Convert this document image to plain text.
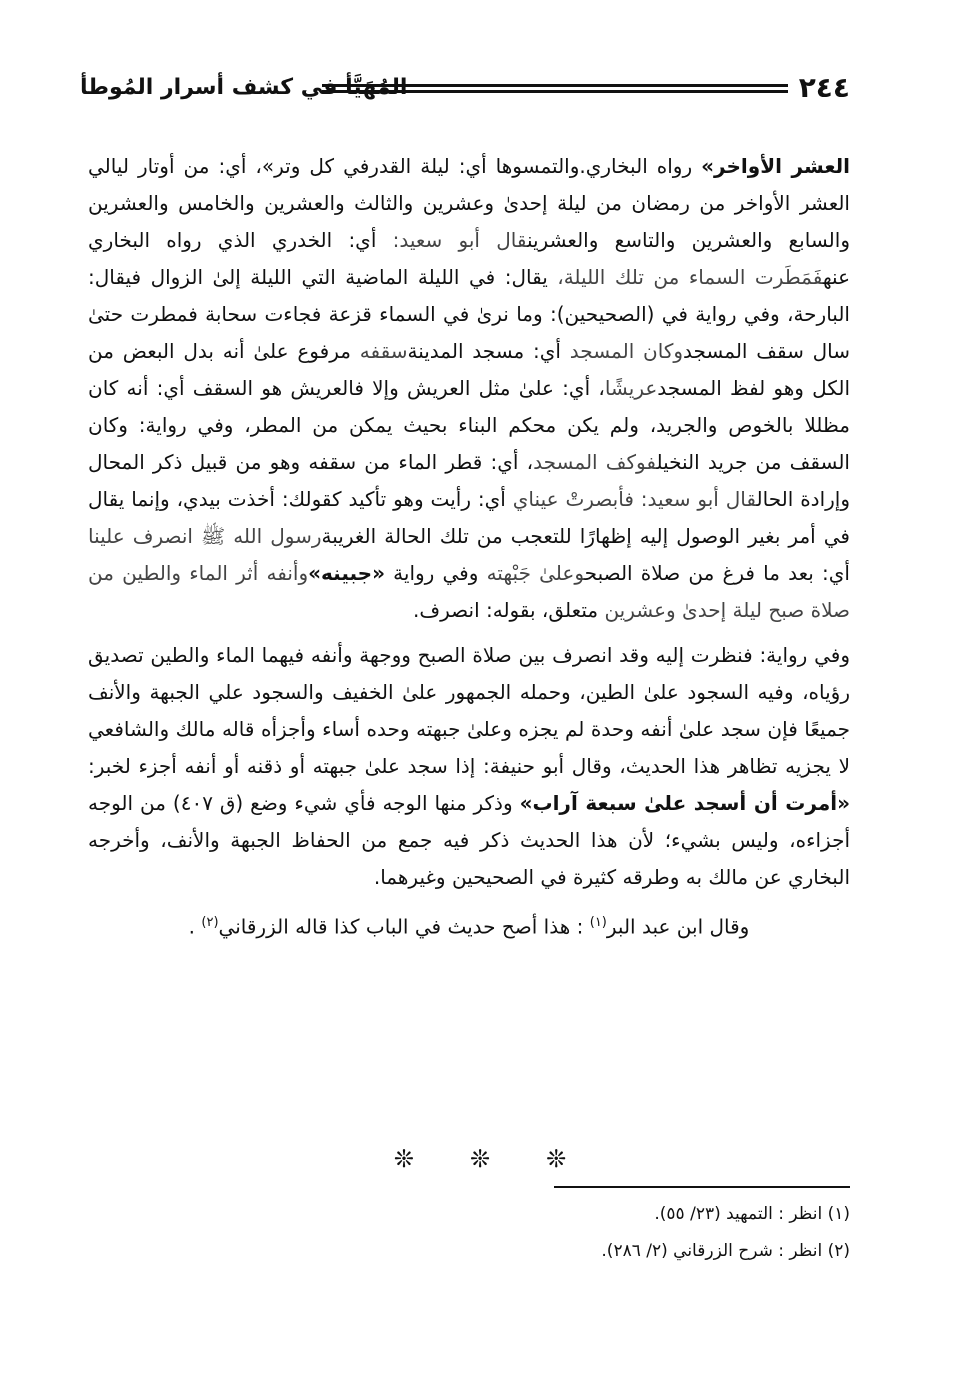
٢٤٤
المُهَيَّأ في كشف أسرار المُوطأ

العشر الأواخر» رواه البخاري.والتمسوها أي: ليلة القدرفي كل وتر»، أي: من أوتار ليالي العشر الأواخر من رمضان من ليلة إحدىٰ وعشرين والثالث والعشرين والخامس والعشرين والسابع والعشرين والتاسع والعشرينقال أبو سعيد: أي: الخدري الذي رواه البخاري عنهفَمَطَرت السماء من تلك الليلة، يقال: في الليلة الماضية التي الليلة إلىٰ الزوال فيقال: البارحة، وفي رواية في (الصحيحين): وما نرىٰ في السماء قزعة فجاءت سحابة فمطرت حتىٰ سال سقف المسجدوكان المسجد أي: مسجد المدينةسقفه مرفوع علىٰ أنه بدل البعض من الكل وهو لفظ المسجدعريشًا، أي: علىٰ مثل العريش وإلا فالعريش هو السقف أي: أنه كان مظللا بالخوص والجريد، ولم يكن محكم البناء بحيث يمكن من المطر، وفي رواية: وكان السقف من جريد النخيلفوكف المسجد، أي: قطر الماء من سقفه وهو من قبيل ذكر المحال وإرادة الحالقال أبو سعيد: فأبصرتْ عيناي أي: رأيت وهو تأكيد كقولك: أخذت بيدي، وإنما يقال في أمر بغير الوصول إليه إظهارًا للتعجب من تلك الحالة الغريبةرسول الله ﷺ انصرف علينا أي: بعد ما فرغ من صلاة الصبحوعلىٰ جَبْهته وفي رواية «جبينه»وأنفه أثر الماء والطين من صلاة صبح ليلة إحدىٰ وعشرين متعلق، بقوله: انصرف.

وفي رواية: فنظرت إليه وقد انصرف بين صلاة الصبح ووجهة وأنفه فيهما الماء والطين تصديق رؤياه، وفيه السجود علىٰ الطين، وحمله الجمهور علىٰ الخفيف والسجود علي الجبهة والأنف جميعًا فإن سجد علىٰ أنفه وحدة لم يجزه وعلىٰ جبهته وحده أساء وأجزأه قاله مالك والشافعي لا يجزيه تظاهر هذا الحديث، وقال أبو حنيفة: إذا سجد علىٰ جبهته أو ذقنه أو أنفه أجزء لخبر: «أمرت أن أسجد علىٰ سبعة آراب» وذكر منها الوجه فأي شيء وضع (ق ٤٠٧) من الوجه أجزاءه، وليس بشيء؛ لأن هذا الحديث ذكر فيه جمع من الحفاظ الجبهة والأنف، وأخرجه البخاري عن مالك به وطرقه كثيرة في الصحيحين وغيرهما.

وقال ابن عبد البر$^{(١)}$ : هذا أصح حديث في الباب كذا قاله الزرقاني$^{(٢)}$ .

❊
❊
❊

(١) انظر : التمهيد (٢٣/ ٥٥).

(٢) انظر : شرح الزرقاني (٢/ ٢٨٦).
